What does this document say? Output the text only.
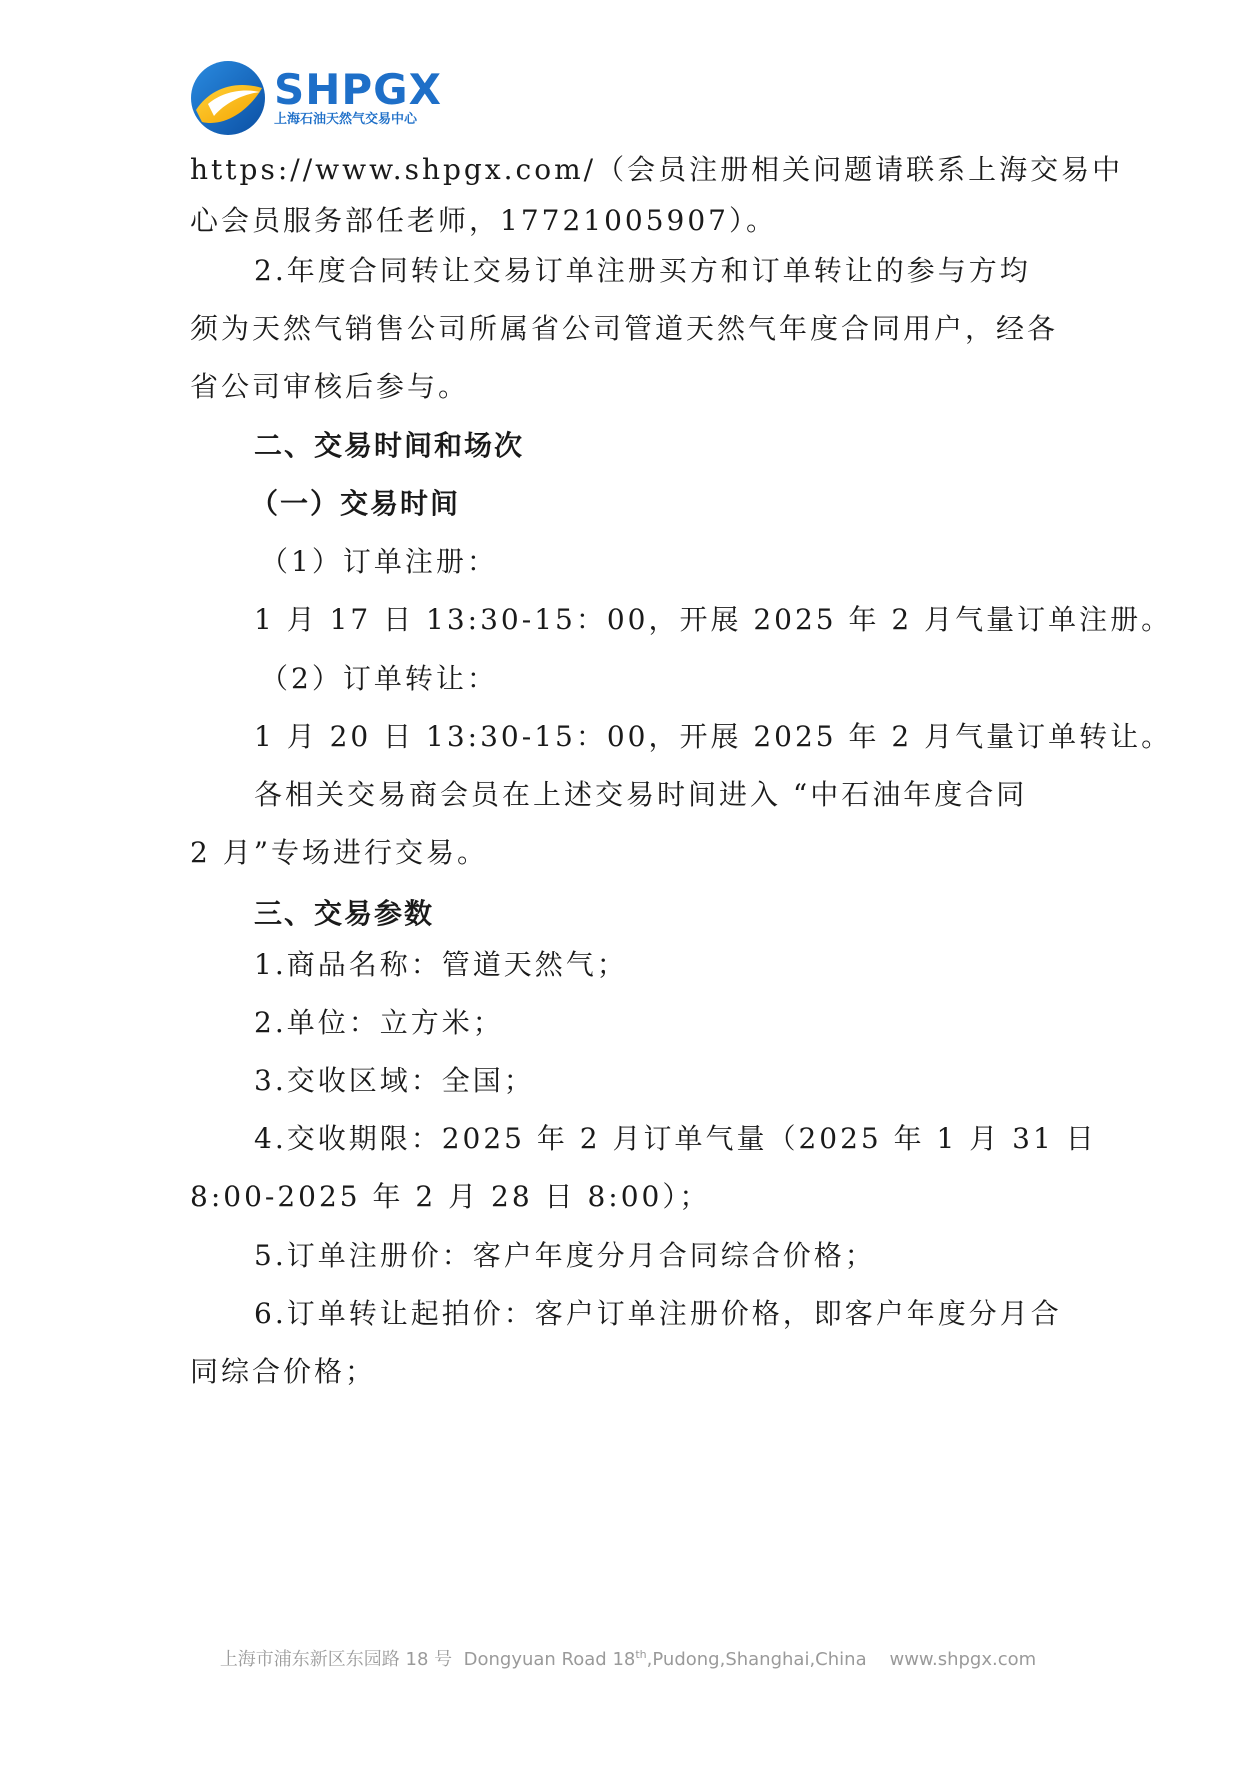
SHPGX
上海石油天然气交易中心
https://www.shpgx.com/（会员注册相关问题请联系上海交易中
心会员服务部任老师，17721005907）。
2.年度合同转让交易订单注册买方和订单转让的参与方均
须为天然气销售公司所属省公司管道天然气年度合同用户，经各
省公司审核后参与。
二、交易时间和场次
（一）交易时间
（1）订单注册：
1 月 17 日 13:30-15：00，开展 2025 年 2 月气量订单注册。
（2）订单转让：
1 月 20 日 13:30-15：00，开展 2025 年 2 月气量订单转让。
各相关交易商会员在上述交易时间进入 “中石油年度合同
2 月”专场进行交易。
三、交易参数
1.商品名称：管道天然气；
2.单位：立方米；
3.交收区域：全国；
4.交收期限：2025 年 2 月订单气量（2025 年 1 月 31 日
8:00-2025 年 2 月 28 日 8:00）；
5.订单注册价：客户年度分月合同综合价格；
6.订单转让起拍价：客户订单注册价格，即客户年度分月合
同综合价格；
上海市浦东新区东园路 18 号 Dongyuan Road 18th,Pudong,Shanghai,China www.shpgx.com
